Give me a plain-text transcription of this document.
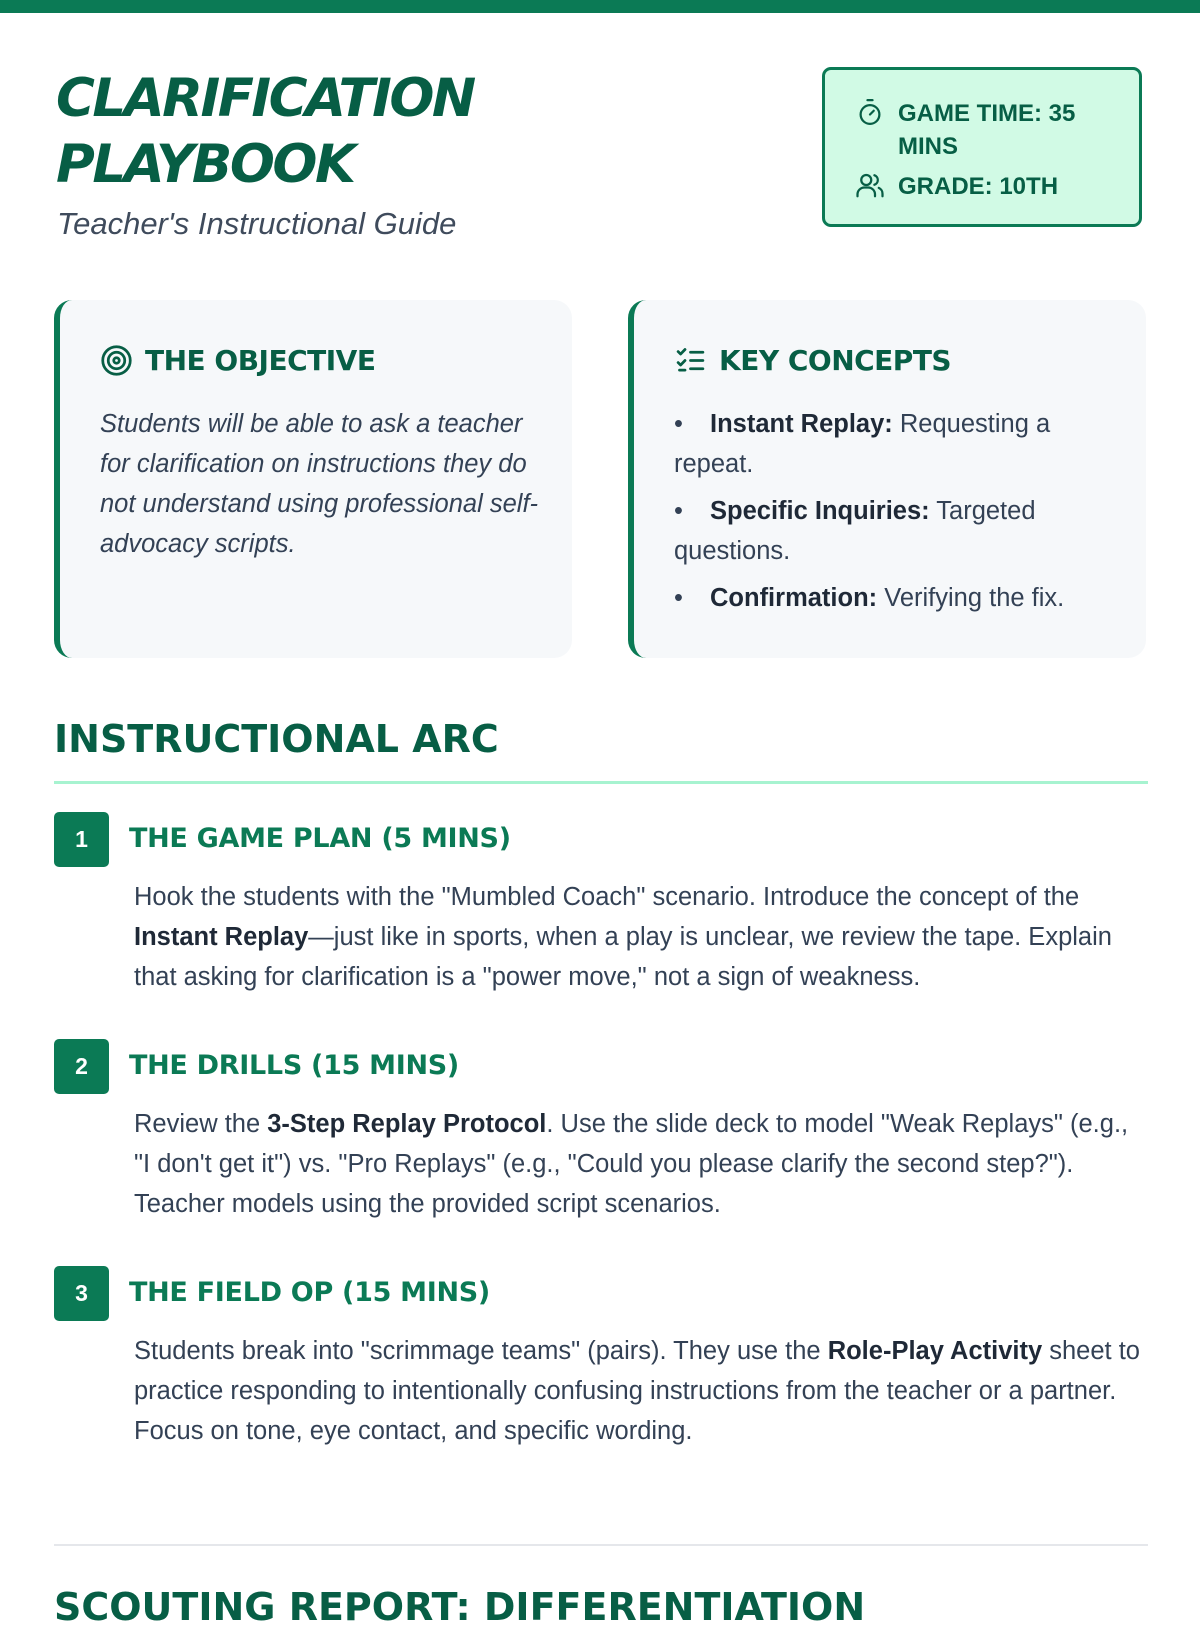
CLARIFICATION PLAYBOOK

Teacher's Instructional Guide

GAME TIME: 35 MINS
GRADE: 10TH
THE OBJECTIVE

Students will be able to ask a teacher for clarification on instructions they do not understand using professional self-advocacy scripts.

KEY CONCEPTS
• Instant Replay: Requesting a repeat.
• Specific Inquiries: Targeted questions.
• Confirmation: Verifying the fix.
INSTRUCTIONAL ARC
1	THE GAME PLAN (5 MINS)

Hook the students with the "Mumbled Coach" scenario. Introduce the concept of the Instant Replay—just like in sports, when a play is unclear, we review the tape. Explain that asking for clarification is a "power move," not a sign of weakness.

2	THE DRILLS (15 MINS)

Review the 3-Step Replay Protocol. Use the slide deck to model "Weak Replays" (e.g., "I don't get it") vs. "Pro Replays" (e.g., "Could you please clarify the second step?"). Teacher models using the provided script scenarios.

3	THE FIELD OP (15 MINS)

Students break into "scrimmage teams" (pairs). They use the Role-Play Activity sheet to practice responding to intentionally confusing instructions from the teacher or a partner. Focus on tone, eye contact, and specific wording.

SCOUTING REPORT: DIFFERENTIATION
